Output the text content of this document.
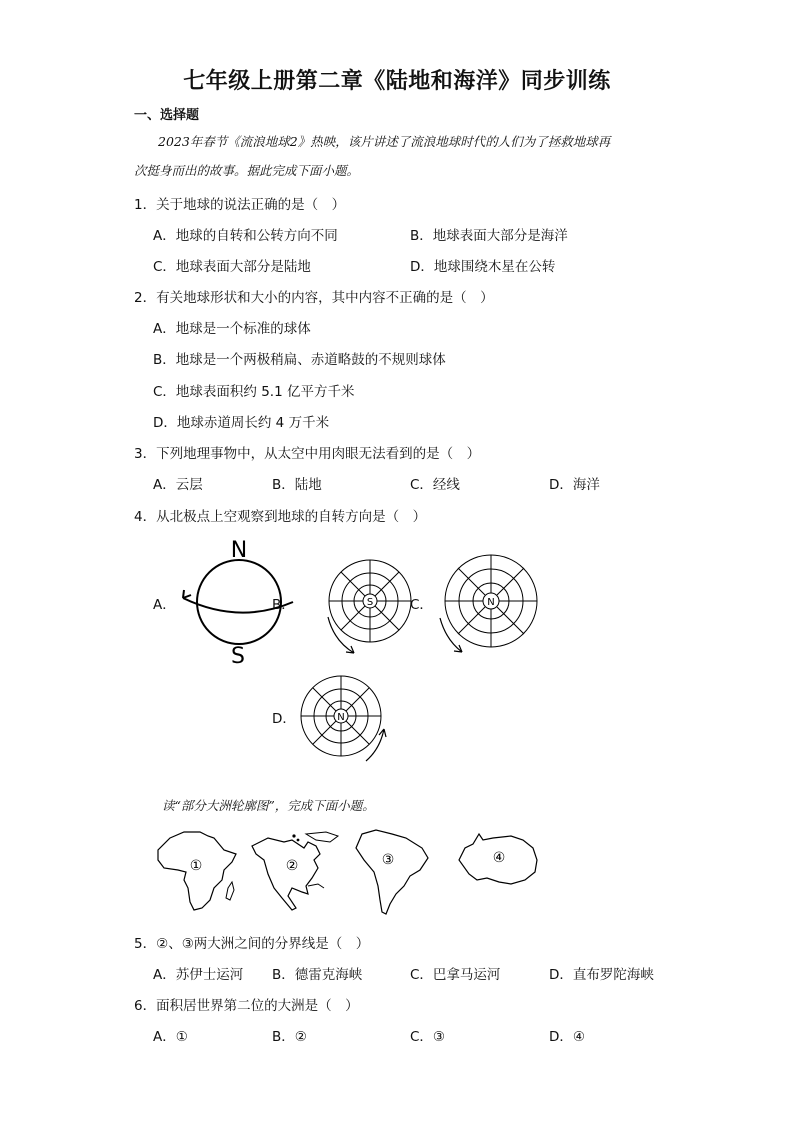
七年级上册第二章《陆地和海洋》同步训练
一、选择题
2023年春节《流浪地球2》热映，该片讲述了流浪地球时代的人们为了拯救地球再
次挺身而出的故事。据此完成下面小题。
1．关于地球的说法正确的是（　）
A．地球的自转和公转方向不同	B．地球表面大部分是海洋
C．地球表面大部分是陆地	D．地球围绕木星在公转
2．有关地球形状和大小的内容，其中内容不正确的是（　）
A．地球是一个标准的球体
B．地球是一个两极稍扁、赤道略鼓的不规则球体
C．地球表面积约 5.1 亿平方千米
D．地球赤道周长约 4 万千米
3．下列地理事物中，从太空中用肉眼无法看到的是（　）
A．云层	B．陆地	C．经线	D．海洋
4．从北极点上空观察到地球的自转方向是（　）
A．	B．	C．
D．
N
S
S	N
N
读“部分大洲轮廓图”，完成下面小题。
①	②	③	④
5．②、③两大洲之间的分界线是（　）
A．苏伊士运河 B．德雷克海峡	C．巴拿马运河	D．直布罗陀海峡
6．面积居世界第二位的大洲是（　）
A．①	B．②	C．③	D．④
